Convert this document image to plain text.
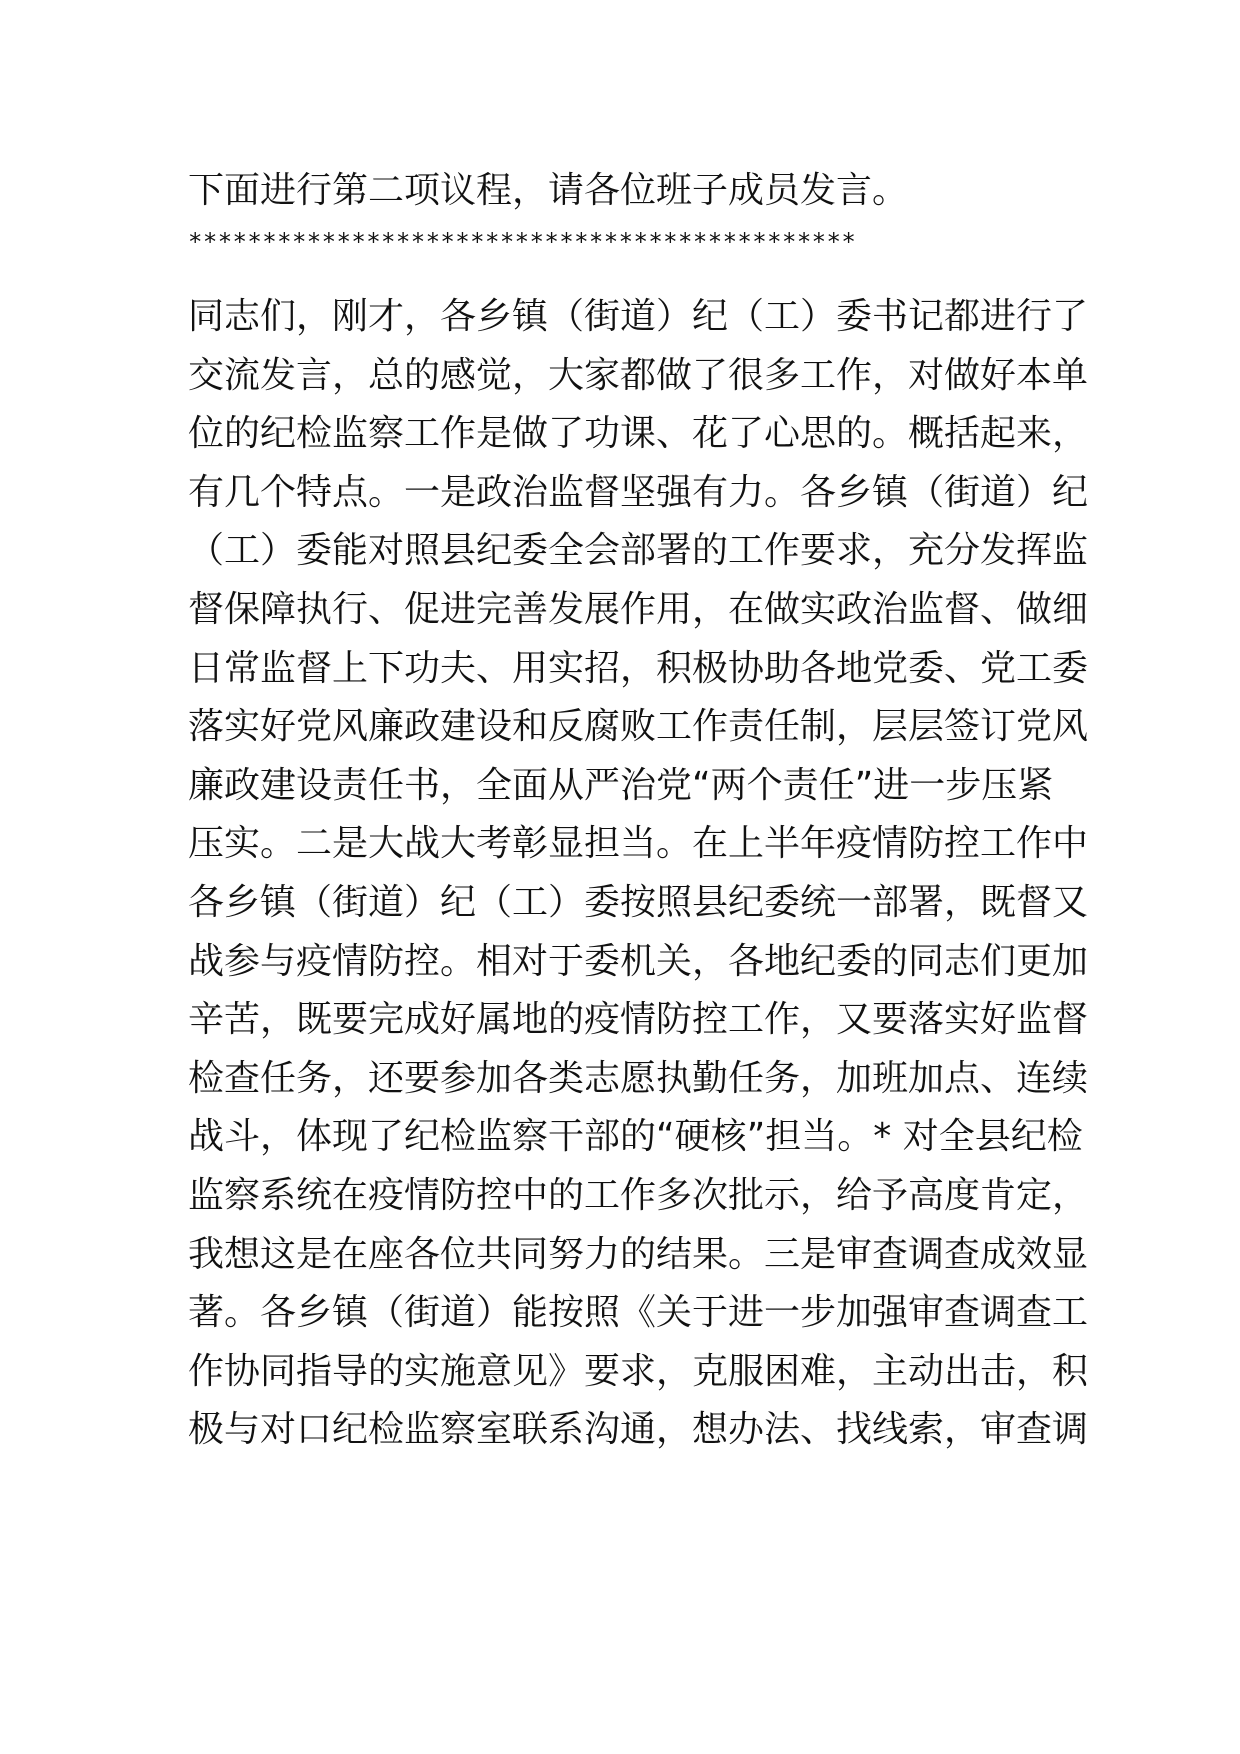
下面进行第二项议程，请各位班子成员发言。

*********************************************
同志们，刚才，各乡镇（街道）纪（工）委书记都进行了
交流发言，总的感觉，大家都做了很多工作，对做好本单
位的纪检监察工作是做了功课、花了心思的。概括起来，
有几个特点。一是政治监督坚强有力。各乡镇（街道）纪
（工）委能对照县纪委全会部署的工作要求，充分发挥监
督保障执行、促进完善发展作用，在做实政治监督、做细
日常监督上下功夫、用实招，积极协助各地党委、党工委
落实好党风廉政建设和反腐败工作责任制，层层签订党风
廉政建设责任书，全面从严治党“两个责任”进一步压紧
压实。二是大战大考彰显担当。在上半年疫情防控工作中
各乡镇（街道）纪（工）委按照县纪委统一部署，既督又
战参与疫情防控。相对于委机关，各地纪委的同志们更加
辛苦，既要完成好属地的疫情防控工作，又要落实好监督
检查任务，还要参加各类志愿执勤任务，加班加点、连续
战斗，体现了纪检监察干部的“硬核”担当。* 对全县纪检
监察系统在疫情防控中的工作多次批示，给予高度肯定，
我想这是在座各位共同努力的结果。三是审查调查成效显
著。各乡镇（街道）能按照《关于进一步加强审查调查工
作协同指导的实施意见》要求，克服困难，主动出击，积
极与对口纪检监察室联系沟通，想办法、找线索，审查调
